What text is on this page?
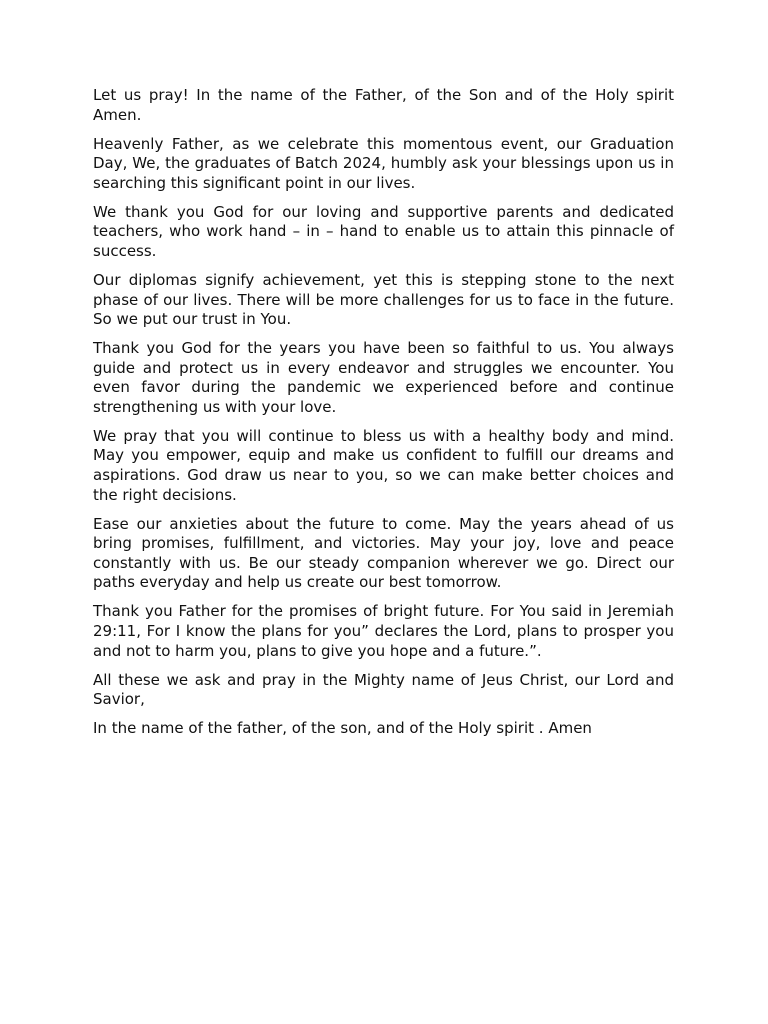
Let us pray! In the name of the Father, of the Son and of the Holy spirit Amen.

Heavenly Father, as we celebrate this momentous event, our Graduation Day, We, the graduates of Batch 2024, humbly ask your blessings upon us in searching this significant point in our lives.

We thank you God for our loving and supportive parents and dedicated teachers, who work hand – in – hand to enable us to attain this pinnacle of success.

Our diplomas signify achievement, yet this is stepping stone to the next phase of our lives. There will be more challenges for us to face in the future. So we put our trust in You.

Thank you God for the years you have been so faithful to us. You always guide and protect us in every endeavor and struggles we encounter. You even favor during the pandemic we experienced before and continue strengthening us with your love.

We pray that you will continue to bless us with a healthy body and mind. May you empower, equip and make us confident to fulfill our dreams and aspirations. God draw us near to you, so we can make better choices and the right decisions.

Ease our anxieties about the future to come. May the years ahead of us bring promises, fulfillment, and victories. May your joy, love and peace constantly with us. Be our steady companion wherever we go. Direct our paths everyday and help us create our best tomorrow.

Thank you Father for the promises of bright future. For You said in Jeremiah 29:11, For I know the plans for you” declares the Lord, plans to prosper you and not to harm you, plans to give you hope and a future.”.

All these we ask and pray in the Mighty name of Jeus Christ, our Lord and Savior,

In the name of the father, of the son, and of the Holy spirit . Amen
